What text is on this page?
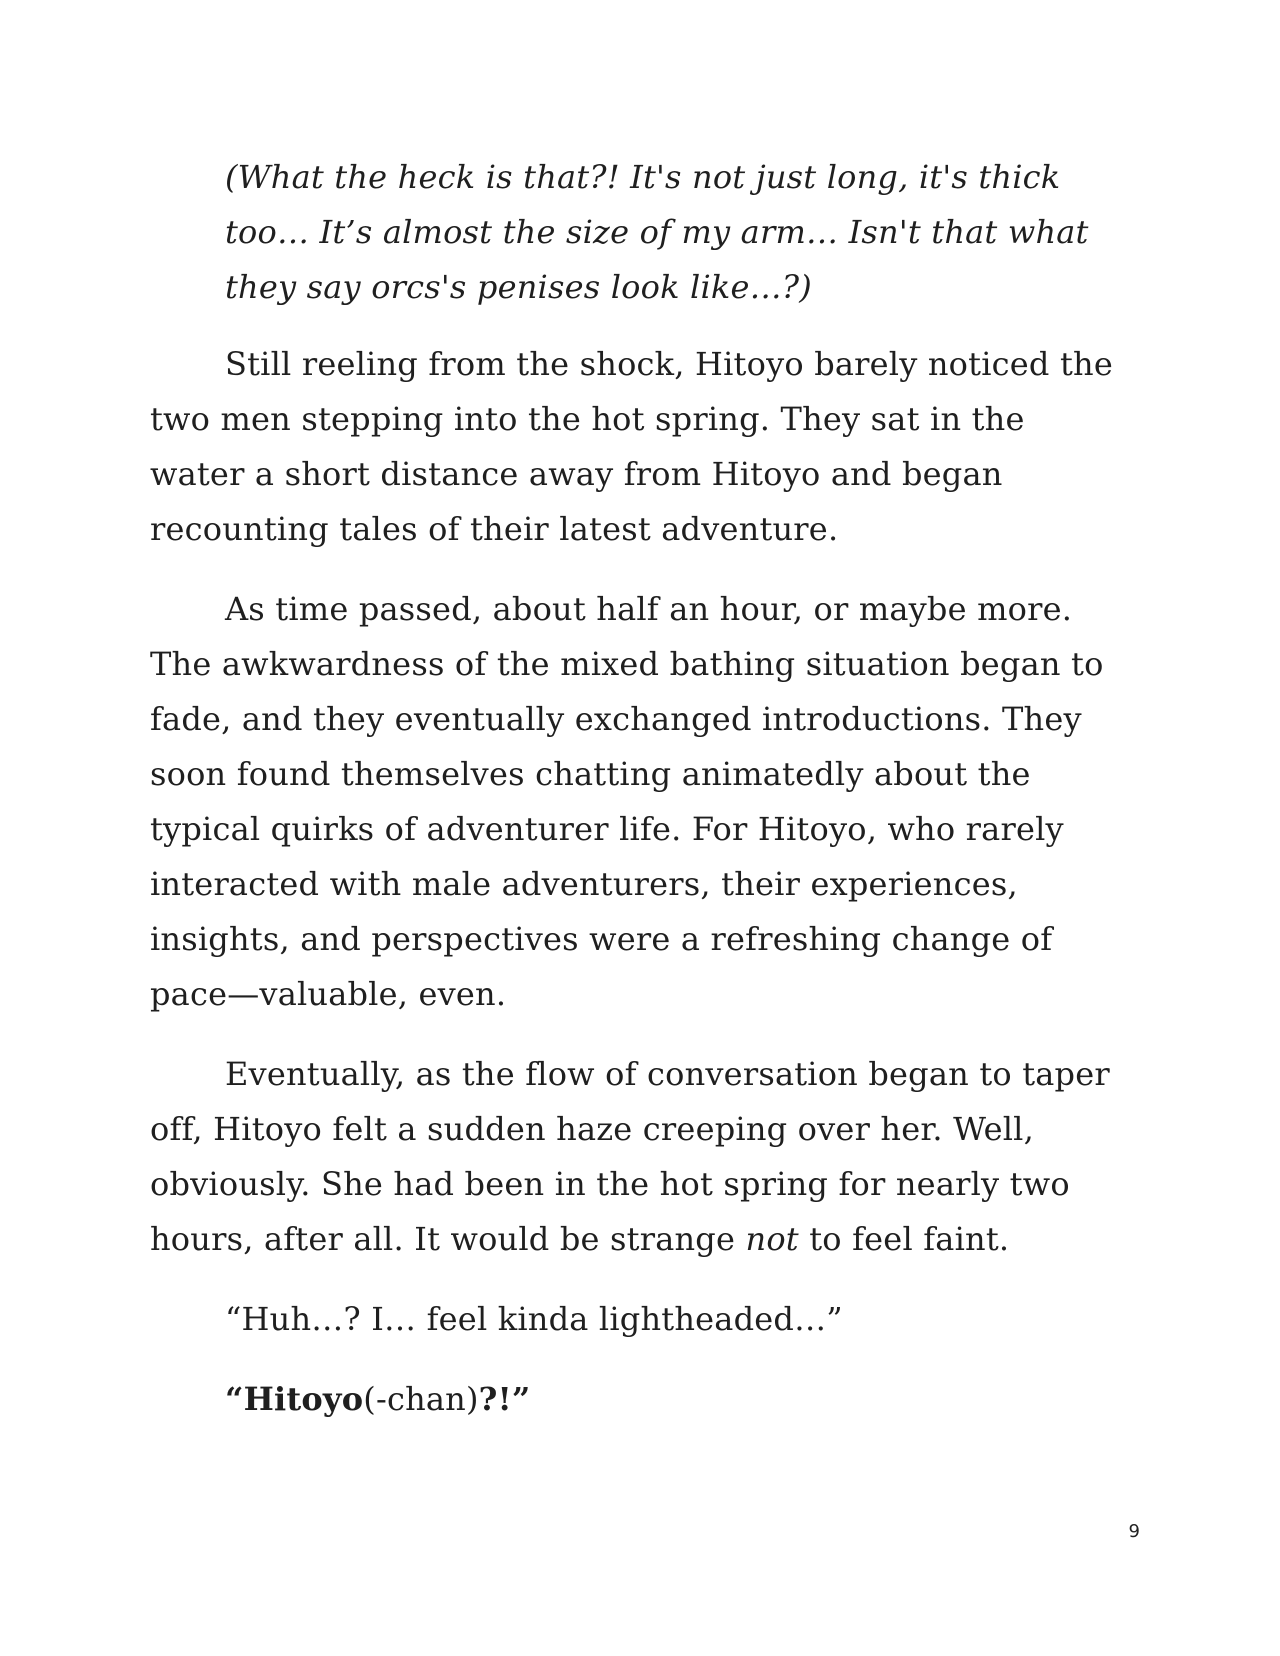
(What the heck is that?! It's not just long, it's thick too… It’s almost the size of my arm… Isn't that what they say orcs's penises look like…?)

Still reeling from the shock, Hitoyo barely noticed the two men stepping into the hot spring. They sat in the water a short distance away from Hitoyo and began recounting tales of their latest adventure.

As time passed, about half an hour, or maybe more. The awkwardness of the mixed bathing situation began to fade, and they eventually exchanged introductions. They soon found themselves chatting animatedly about the typical quirks of adventurer life. For Hitoyo, who rarely interacted with male adventurers, their experiences, insights, and perspectives were a refreshing change of pace—valuable, even.

Eventually, as the flow of conversation began to taper off, Hitoyo felt a sudden haze creeping over her. Well, obviously. She had been in the hot spring for nearly two hours, after all. It would be strange not to feel faint.

“Huh…? I… feel kinda lightheaded…”

“Hitoyo(-chan)?!”

9
